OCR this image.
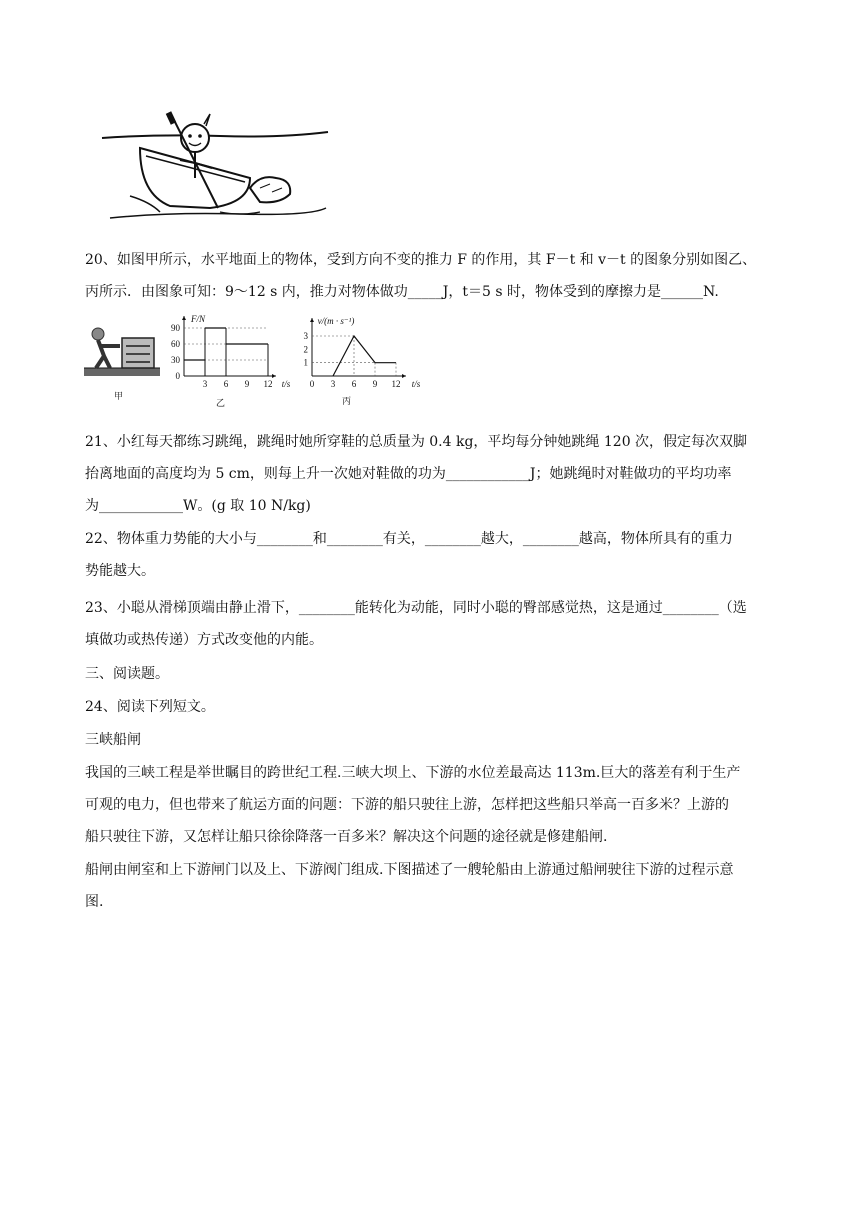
20、如图甲所示，水平地面上的物体，受到方向不变的推力 F 的作用，其 F－t 和 v－t 的图象分别如图乙、
丙所示．由图象可知：9～12 s 内，推力对物体做功_____J，t＝5 s 时，物体受到的摩擦力是______N.
甲
F/N
t/s
3 6 9 12
0
30
60
90
乙
v/(m · s⁻¹)
t/s
0 3 6 9 12
1
2
3
丙
21、小红每天都练习跳绳，跳绳时她所穿鞋的总质量为 0.4 kg，平均每分钟她跳绳 120 次，假定每次双脚
抬离地面的高度均为 5 cm，则每上升一次她对鞋做的功为____________J；她跳绳时对鞋做功的平均功率
为____________W。(g 取 10 N/kg)
22、物体重力势能的大小与________和________有关，________越大，________越高，物体所具有的重力
势能越大。
23、小聪从滑梯顶端由静止滑下，________能转化为动能，同时小聪的臀部感觉热，这是通过________（选
填做功或热传递）方式改变他的内能。
三、阅读题。
24、阅读下列短文。
三峡船闸
我国的三峡工程是举世瞩目的跨世纪工程.三峡大坝上、下游的水位差最高达 113m.巨大的落差有利于生产
可观的电力，但也带来了航运方面的问题：下游的船只驶往上游，怎样把这些船只举高一百多米？上游的
船只驶往下游，又怎样让船只徐徐降落一百多米？解决这个问题的途径就是修建船闸.
船闸由闸室和上下游闸门以及上、下游阀门组成.下图描述了一艘轮船由上游通过船闸驶往下游的过程示意
图.
